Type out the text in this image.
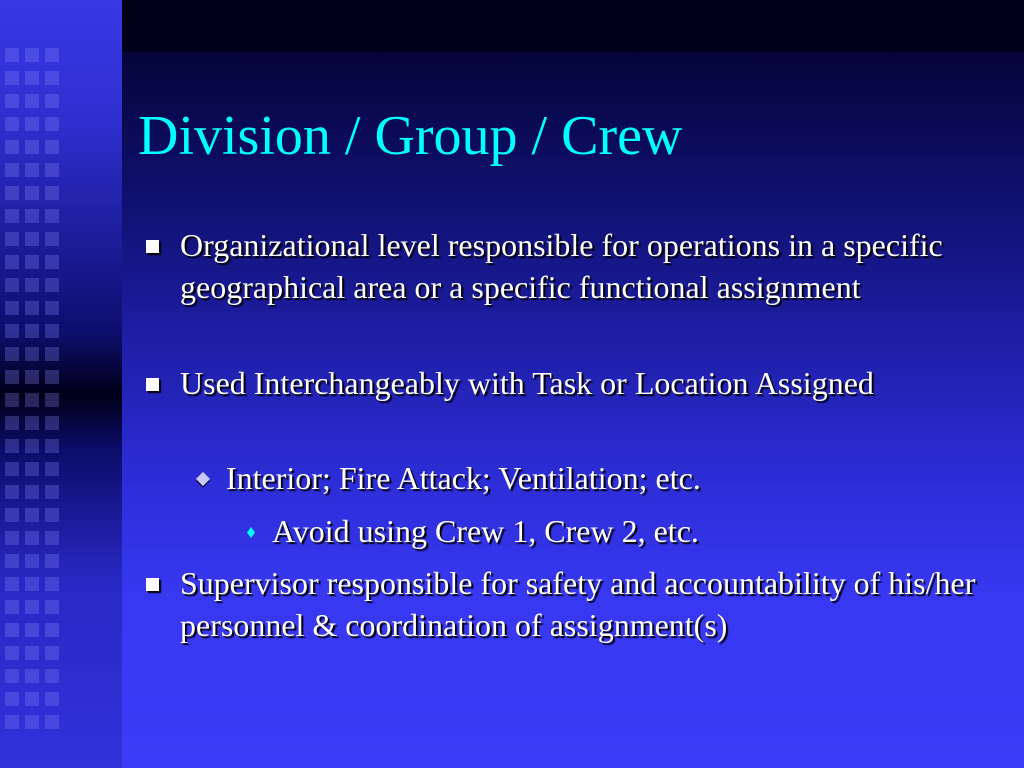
Division / Group / Crew
Organizational level responsible for operations in a specific geographical area or a specific functional assignment
Used Interchangeably with Task or Location Assigned
Interior; Fire Attack; Ventilation; etc.
Avoid using Crew 1, Crew 2, etc.
Supervisor responsible for safety and accountability of his/her personnel & coordination of assignment(s)
